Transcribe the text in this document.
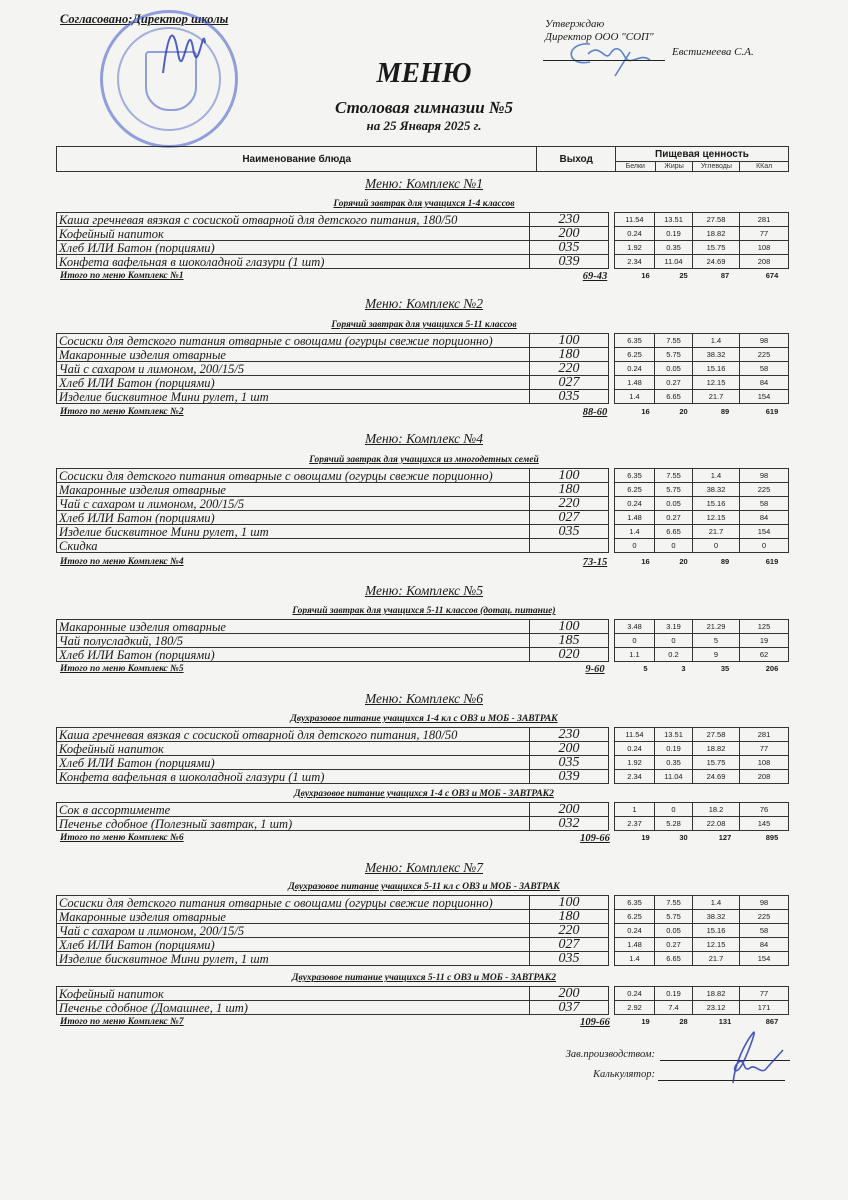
Согласовано:Директор школы	Утверждаю
Директор ООО "СОП"
Евстигнеева С.А.
МЕНЮ
Столовая гимназии №5
на 25 Января 2025 г.
Наименование блюда	Выход	Пищевая ценность			
		Белки	Жиры	Углеводы	ККал
Меню: Комплекс №1
Горячий завтрак для учащихся 1-4 классов
Каша гречневая вязкая с сосиской отварной для детского питания, 180/50	230		11.54	13.51	27.58	281
Кофейный напиток	200		0.24	0.19	18.82	77
Хлеб ИЛИ Батон (порциями)	035		1.92	0.35	15.75	108
Конфета вафельная в шоколадной глазури (1 шт)	039		2.34	11.04	24.69	208
Итого по меню Комплекс №1	69-43	16	25	87	674
Меню: Комплекс №2
Горячий завтрак для учащихся 5-11 классов
Сосиски для детского питания отварные с овощами (огурцы свежие порционно)	100		6.35	7.55	1.4	98
Макаронные изделия отварные	180		6.25	5.75	38.32	225
Чай с сахаром и лимоном, 200/15/5	220		0.24	0.05	15.16	58
Хлеб ИЛИ Батон (порциями)	027		1.48	0.27	12.15	84
Изделие бисквитное Мини рулет, 1 шт	035		1.4	6.65	21.7	154
Итого по меню Комплекс №2	88-60	16	20	89	619
Меню: Комплекс №4
Горячий завтрак для учащихся из многодетных семей
Сосиски для детского питания отварные с овощами (огурцы свежие порционно)	100		6.35	7.55	1.4	98
Макаронные изделия отварные	180		6.25	5.75	38.32	225
Чай с сахаром и лимоном, 200/15/5	220		0.24	0.05	15.16	58
Хлеб ИЛИ Батон (порциями)	027		1.48	0.27	12.15	84
Изделие бисквитное Мини рулет, 1 шт	035		1.4	6.65	21.7	154
Скидка			0	0	0	0
Итого по меню Комплекс №4	73-15	16	20	89	619
Меню: Комплекс №5
Горячий завтрак для учащихся 5-11 классов (дотац. питание)
Макаронные изделия отварные	100		3.48	3.19	21.29	125
Чай полусладкий, 180/5	185		0	0	5	19
Хлеб ИЛИ Батон (порциями)	020		1.1	0.2	9	62
Итого по меню Комплекс №5	9-60	5	3	35	206
Меню: Комплекс №6
Двухразовое питание учащихся 1-4 кл с ОВЗ и МОБ - ЗАВТРАК
Каша гречневая вязкая с сосиской отварной для детского питания, 180/50	230		11.54	13.51	27.58	281
Кофейный напиток	200		0.24	0.19	18.82	77
Хлеб ИЛИ Батон (порциями)	035		1.92	0.35	15.75	108
Конфета вафельная в шоколадной глазури (1 шт)	039		2.34	11.04	24.69	208
Двухразовое питание учащихся 1-4 с ОВЗ и МОБ - ЗАВТРАК2
Сок в ассортименте	200		1	0	18.2	76
Печенье сдобное (Полезный завтрак, 1 шт)	032		2.37	5.28	22.08	145
Итого по меню Комплекс №6	109-66	19	30	127	895
Меню: Комплекс №7
Двухразовое питание учащихся 5-11 кл с ОВЗ и МОБ - ЗАВТРАК
Сосиски для детского питания отварные с овощами (огурцы свежие порционно)	100		6.35	7.55	1.4	98
Макаронные изделия отварные	180		6.25	5.75	38.32	225
Чай с сахаром и лимоном, 200/15/5	220		0.24	0.05	15.16	58
Хлеб ИЛИ Батон (порциями)	027		1.48	0.27	12.15	84
Изделие бисквитное Мини рулет, 1 шт	035		1.4	6.65	21.7	154
Двухразовое питание учащихся 5-11 с ОВЗ и МОБ - ЗАВТРАК2
Кофейный напиток	200		0.24	0.19	18.82	77
Печенье сдобное (Домашнее, 1 шт)	037		2.92	7.4	23.12	171
Итого по меню Комплекс №7	109-66	19	28	131	867
Зав.производством:
Калькулятор:
